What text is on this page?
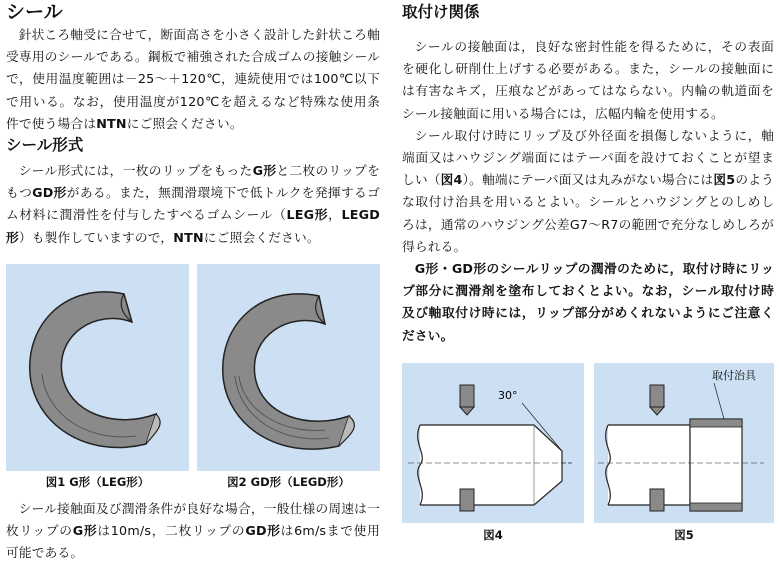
シール

針状ころ軸受に合せて，断面高さを小さく設計した針状ころ軸受専用のシールである。鋼板で補強された合成ゴムの接触シールで，使用温度範囲は－25～＋120℃，連続使用では100℃以下で用いる。なお，使用温度が120℃を超えるなど特殊な使用条件で使う場合はNTNにご照会ください。

シール形式

シール形式には，一枚のリップをもったG形と二枚のリップをもつGD形がある。また，無潤滑環境下で低トルクを発揮するゴム材料に潤滑性を付与したすべるゴムシール（LEG形，LEGD形）も製作していますので，NTNにご照会ください。

図1 G形（LEG形）	図2 GD形（LEGD形）

シール接触面及び潤滑条件が良好な場合，一般仕様の周速は一枚リップのG形は10m/s，二枚リップのGD形は6m/sまで使用可能である。

取付け関係

シールの接触面は，良好な密封性能を得るために，その表面を硬化し研削仕上げする必要がある。また，シールの接触面には有害なキズ，圧痕などがあってはならない。内輪の軌道面をシール接触面に用いる場合には，広幅内輪を使用する。

シール取付け時にリップ及び外径面を損傷しないように，軸端面又はハウジング端面にはテーパ面を設けておくことが望ましい（図4）。軸端にテーパ面又は丸みがない場合には図5のような取付け治具を用いるとよい。シールとハウジングとのしめしろは，通常のハウジング公差G7～R7の範囲で充分なしめしろが得られる。

G形・GD形のシールリップの潤滑のために，取付け時にリップ部分に潤滑剤を塗布しておくとよい。なお，シール取付け時及び軸取付け時には，リップ部分がめくれないようにご注意ください。

30°
図4
取付治具
図5
